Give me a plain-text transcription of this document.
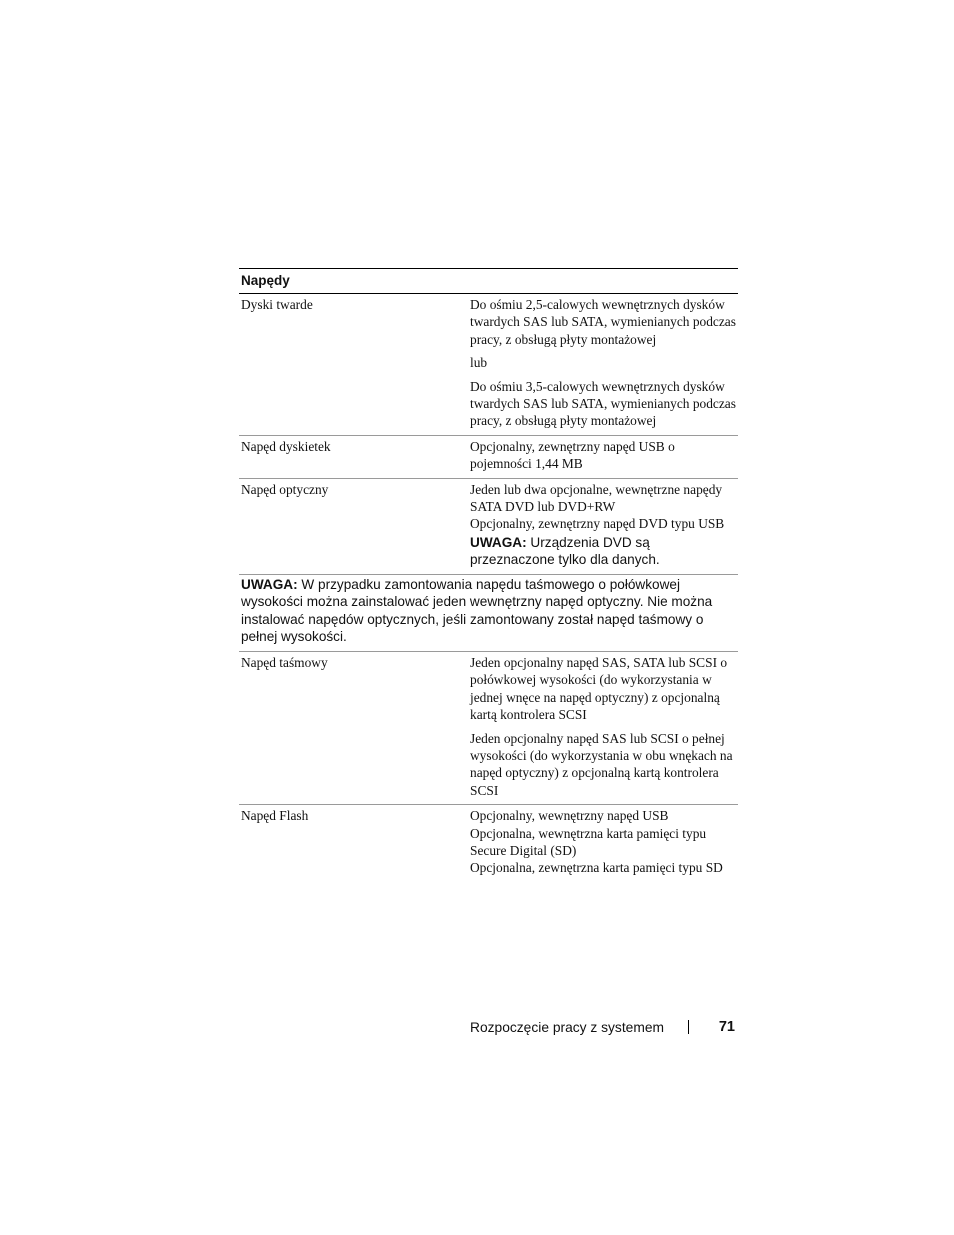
Napędy
Dyski twarde	Do ośmiu 2,5-calowych wewnętrznych dysków twardych SAS lub SATA, wymienianych podczas pracy, z obsługą płyty montażowej

lub

Do ośmiu 3,5-calowych wewnętrznych dysków twardych SAS lub SATA, wymienianych podczas pracy, z obsługą płyty montażowej

Napęd dyskietek	Opcjonalny, zewnętrzny napęd USB o pojemności 1,44 MB

Napęd optyczny	Jeden lub dwa opcjonalne, wewnętrzne napędy SATA DVD lub DVD+RW
Opcjonalny, zewnętrzny napęd DVD typu USB
UWAGA: Urządzenia DVD są przeznaczone tylko dla danych.

UWAGA: W przypadku zamontowania napędu taśmowego o połówkowej wysokości można zainstalować jeden wewnętrzny napęd optyczny. Nie można instalować napędów optycznych, jeśli zamontowany został napęd taśmowy o pełnej wysokości.

Napęd taśmowy	Jeden opcjonalny napęd SAS, SATA lub SCSI o połówkowej wysokości (do wykorzystania w jednej wnęce na napęd optyczny) z opcjonalną kartą kontrolera SCSI

Jeden opcjonalny napęd SAS lub SCSI o pełnej wysokości (do wykorzystania w obu wnękach na napęd optyczny) z opcjonalną kartą kontrolera SCSI

Napęd Flash	Opcjonalny, wewnętrzny napęd USB
Opcjonalna, wewnętrzna karta pamięci typu Secure Digital (SD)
Opcjonalna, zewnętrzna karta pamięci typu SD
Rozpoczęcie pracy z systemem	71
